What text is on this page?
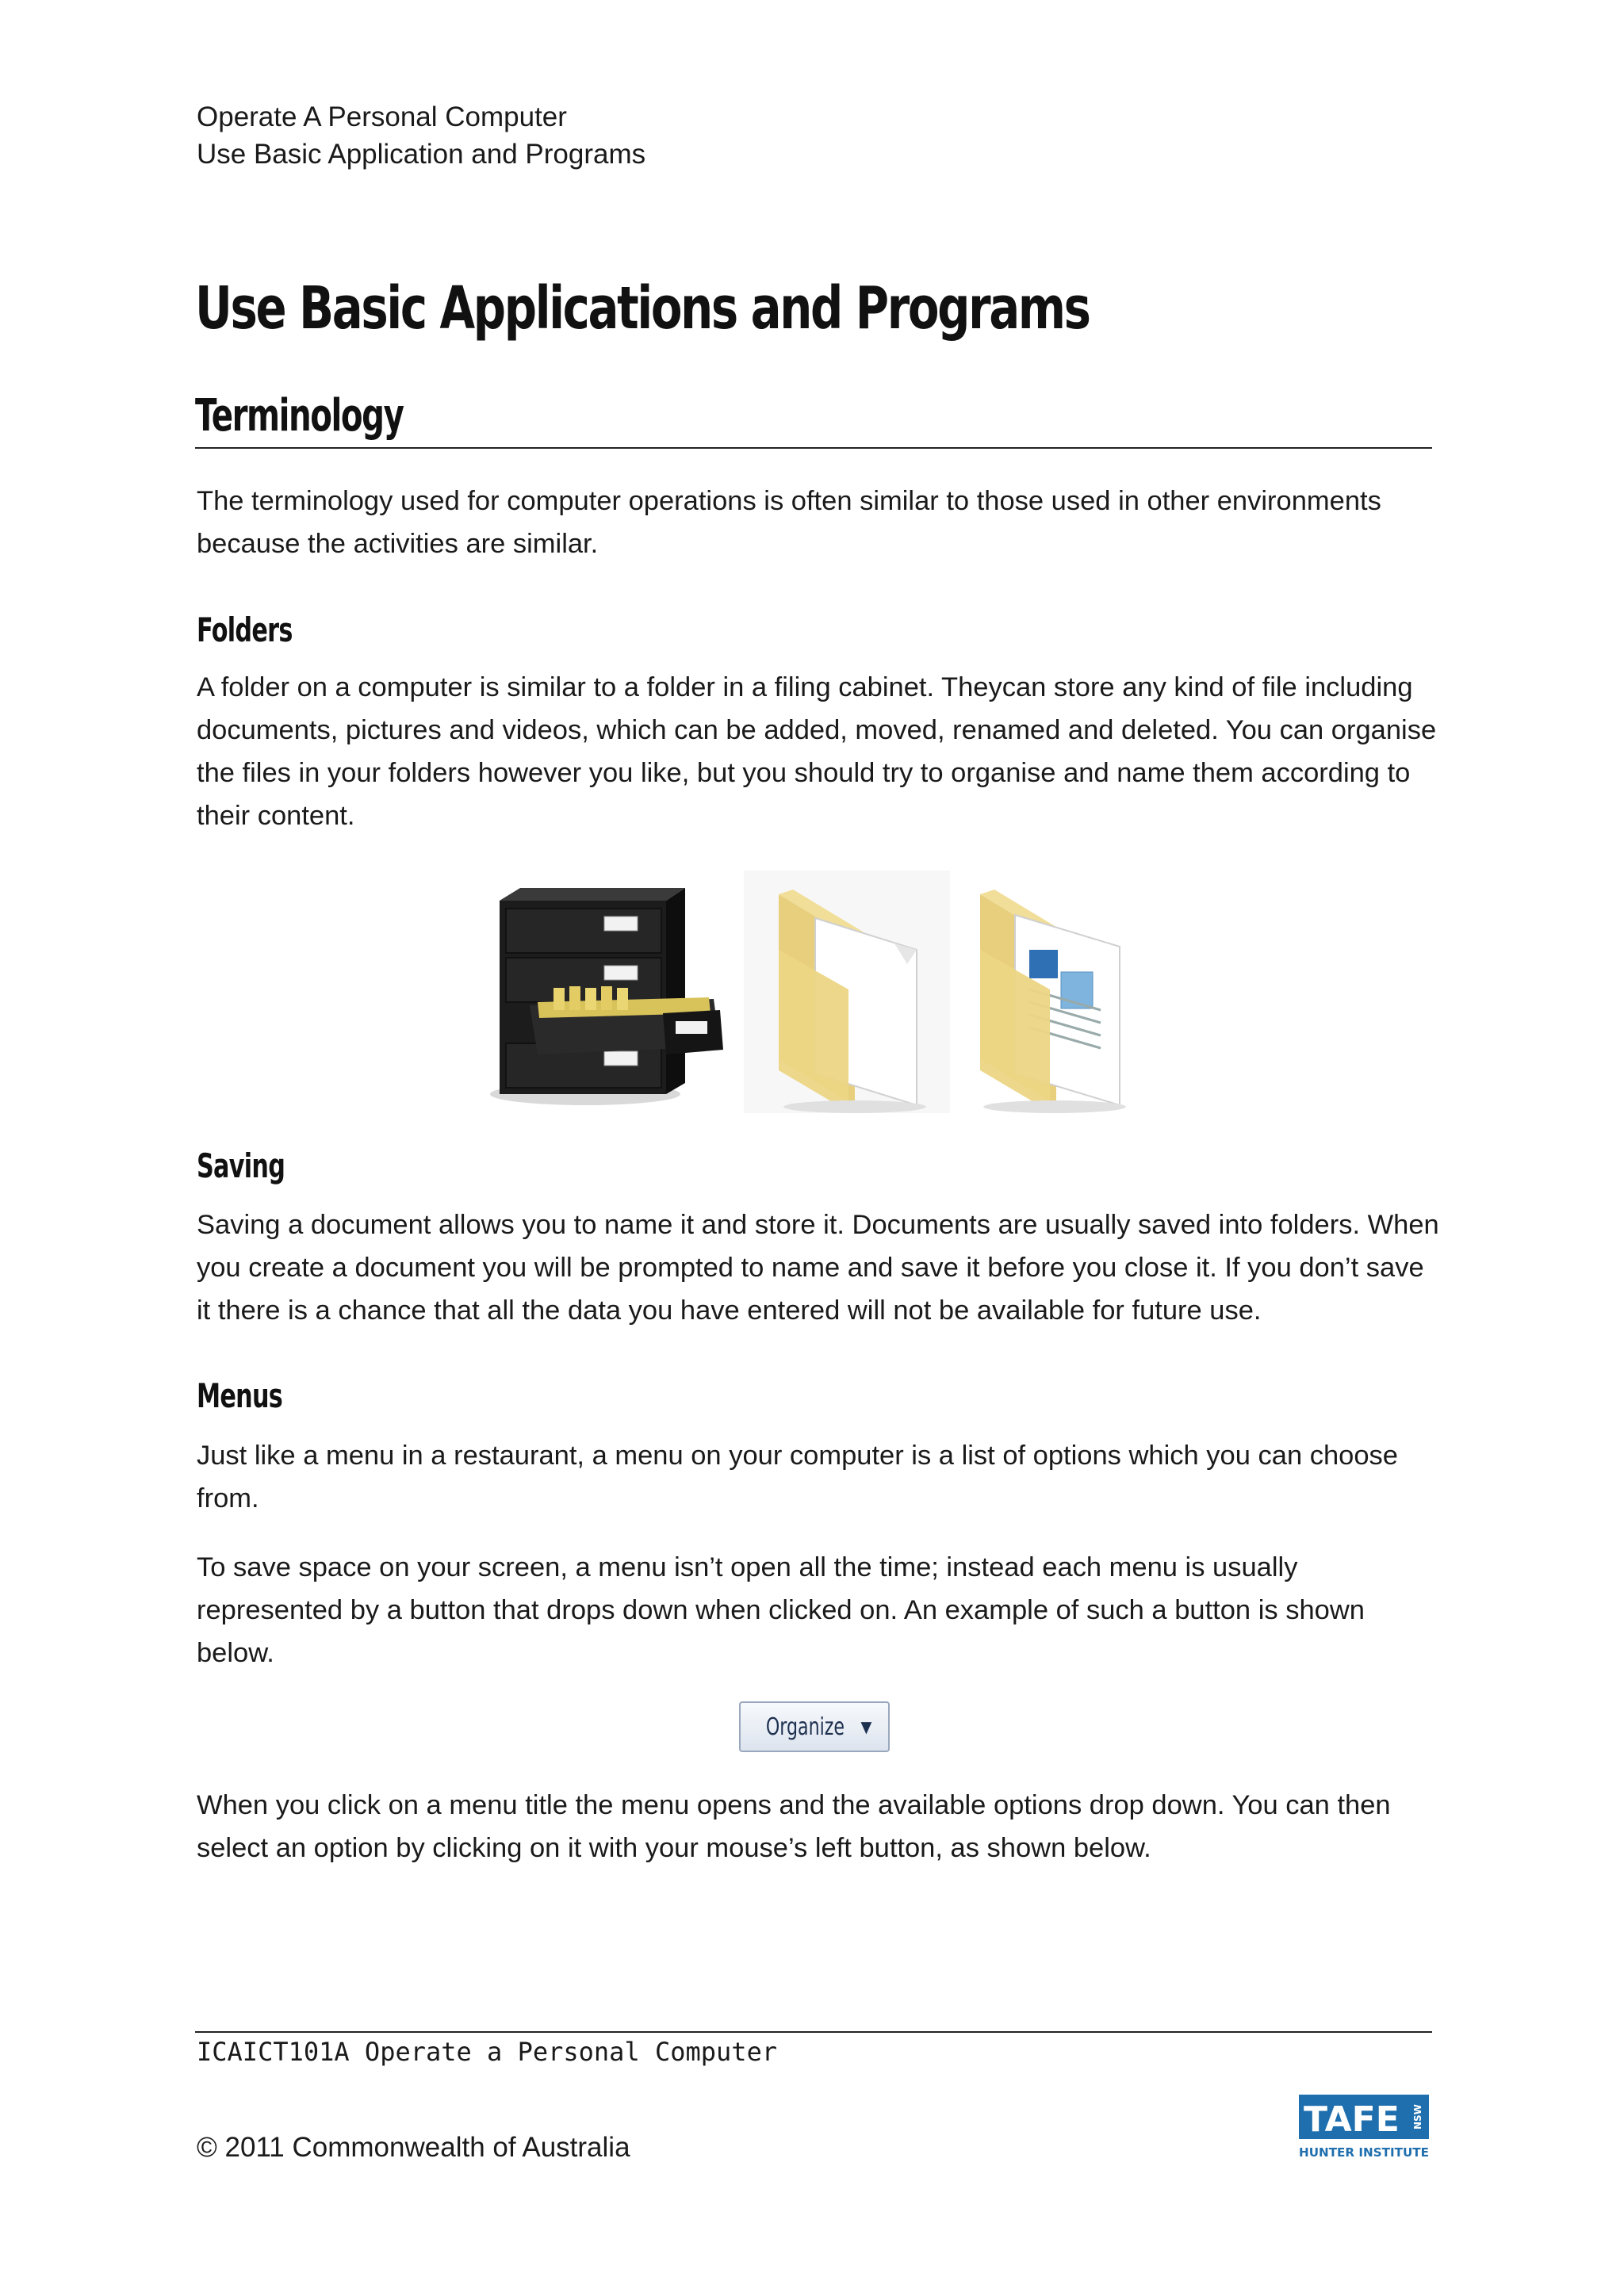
Operate A Personal Computer
Use Basic Application and Programs
Use Basic Applications and Programs
Terminology
The terminology used for computer operations is often similar to those used in other environments because the activities are similar.
Folders
A folder on a computer is similar to a folder in a filing cabinet. Theycan store any kind of file including documents, pictures and videos, which can be added, moved, renamed and deleted. You can organise the files in your folders however you like, but you should try to organise and name them according to their content.
Saving
Saving a document allows you to name it and store it. Documents are usually saved into folders. When you create a document you will be prompted to name and save it before you close it. If you don’t save it there is a chance that all the data you have entered will not be available for future use.
Menus
Just like a menu in a restaurant, a menu on your computer is a list of options which you can choose from.
To save space on your screen, a menu isn’t open all the time; instead each menu is usually represented by a button that drops down when clicked on. An example of such a button is shown below.
Organize ▼
When you click on a menu title the menu opens and the available options drop down. You can then select an option by clicking on it with your mouse’s left button, as shown below.
ICAICT101A Operate a Personal Computer
© 2011 Commonwealth of Australia
TAFE NSW
HUNTER INSTITUTE
